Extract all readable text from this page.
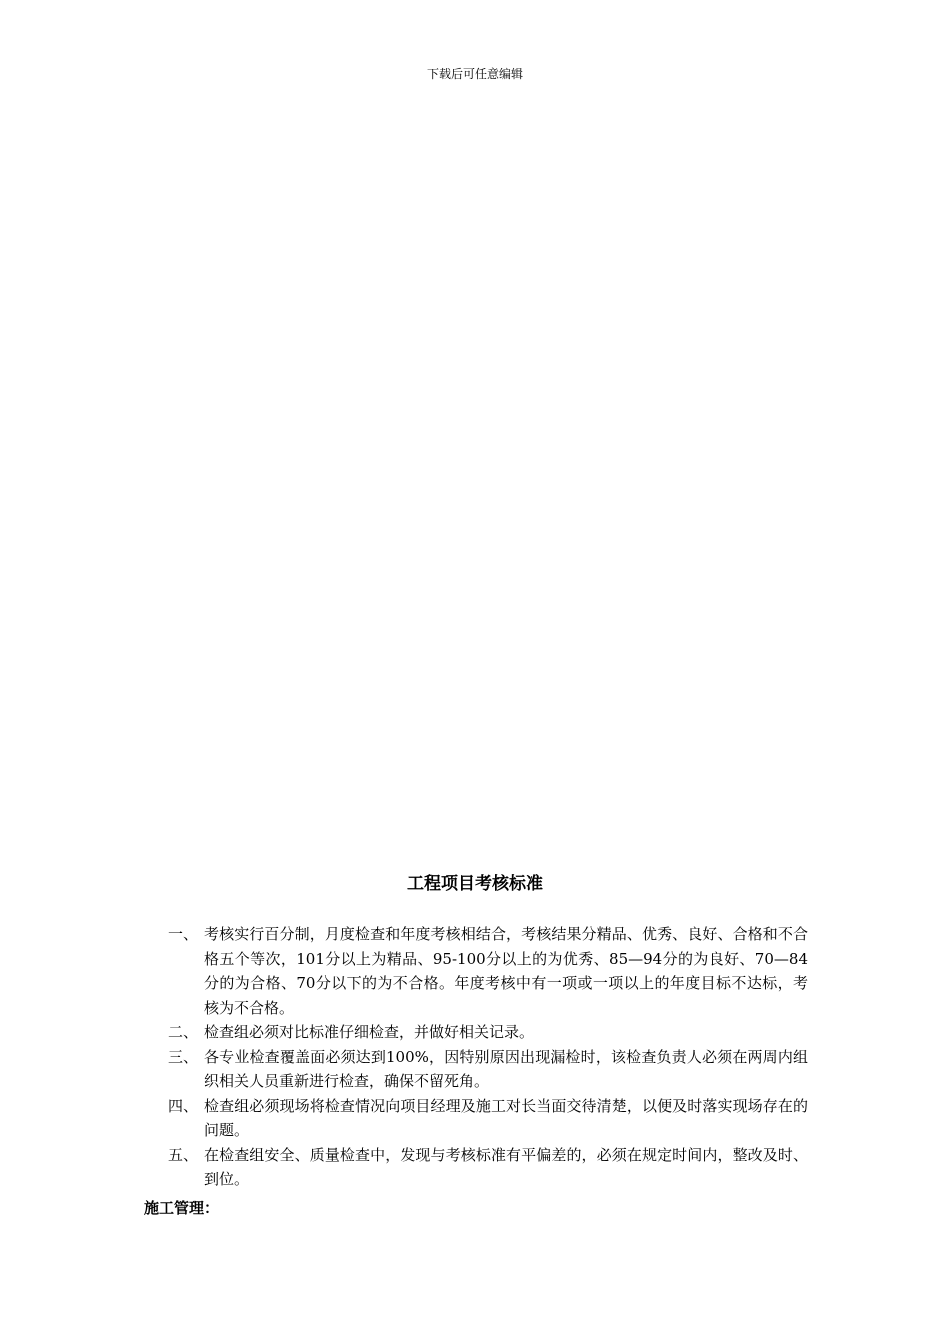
下载后可任意编辑
工程项目考核标准
一、 考核实行百分制，月度检查和年度考核相结合，考核结果分精品、优秀、良好、合格和不合格五个等次，101分以上为精品、95-100分以上的为优秀、85—94分的为良好、70—84分的为合格、70分以下的为不合格。年度考核中有一项或一项以上的年度目标不达标，考核为不合格。
二、 检查组必须对比标准仔细检查，并做好相关记录。
三、 各专业检查覆盖面必须达到100%，因特别原因出现漏检时，该检查负责人必须在两周内组织相关人员重新进行检查，确保不留死角。
四、 检查组必须现场将检查情况向项目经理及施工对长当面交待清楚，以便及时落实现场存在的问题。
五、 在检查组安全、质量检查中，发现与考核标准有平偏差的，必须在规定时间内，整改及时、到位。
施工管理：
